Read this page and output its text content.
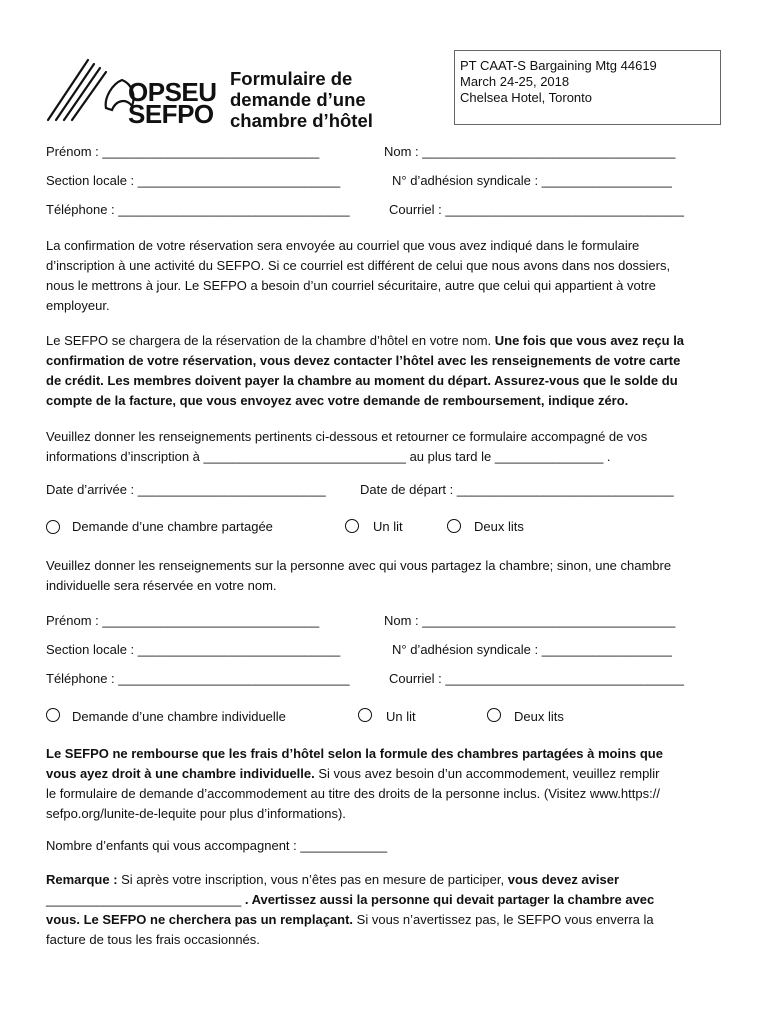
OPSEU
SEFPO
Formulaire de
demande d’une
chambre d’hôtel
PT CAAT-S Bargaining Mtg 44619
March 24-25, 2018
Chelsea Hotel, Toronto
Prénom : ______________________________	Nom : ___________________________________
Section locale : ____________________________	N° d’adhésion syndicale : __________________
Téléphone : ________________________________	Courriel : _________________________________
La confirmation de votre réservation sera envoyée au courriel que vous avez indiqué dans le formulaire
d’inscription à une activité du SEFPO. Si ce courriel est différent de celui que nous avons dans nos dossiers,
nous le mettrons à jour. Le SEFPO a besoin d’un courriel sécuritaire, autre que celui qui appartient à votre
employeur.
Le SEFPO se chargera de la réservation de la chambre d’hôtel en votre nom. Une fois que vous avez reçu la
confirmation de votre réservation, vous devez contacter l’hôtel avec les renseignements de votre carte
de crédit. Les membres doivent payer la chambre au moment du départ. Assurez-vous que le solde du
compte de la facture, que vous envoyez avec votre demande de remboursement, indique zéro.
Veuillez donner les renseignements pertinents ci-dessous et retourner ce formulaire accompagné de vos
informations d’inscription à ____________________________ au plus tard le _______________ .
Date d’arrivée : __________________________	Date de départ : ______________________________
Demande d’une chambre partagée	Un lit	Deux lits
Veuillez donner les renseignements sur la personne avec qui vous partagez la chambre; sinon, une chambre
individuelle sera réservée en votre nom.
Prénom : ______________________________	Nom : ___________________________________
Section locale : ____________________________	N° d’adhésion syndicale : __________________
Téléphone : ________________________________	Courriel : _________________________________
Demande d’une chambre individuelle	Un lit	Deux lits
Le SEFPO ne rembourse que les frais d’hôtel selon la formule des chambres partagées à moins que
vous ayez droit à une chambre individuelle. Si vous avez besoin d’un accommodement, veuillez remplir
le formulaire de demande d’accommodement au titre des droits de la personne inclus. (Visitez www.https://
sefpo.org/lunite-de-lequite pour plus d’informations).
Nombre d’enfants qui vous accompagnent : ____________
Remarque : Si après votre inscription, vous n’êtes pas en mesure de participer, vous devez aviser
___________________________ . Avertissez aussi la personne qui devait partager la chambre avec
vous. Le SEFPO ne cherchera pas un remplaçant. Si vous n’avertissez pas, le SEFPO vous enverra la
facture de tous les frais occasionnés.
